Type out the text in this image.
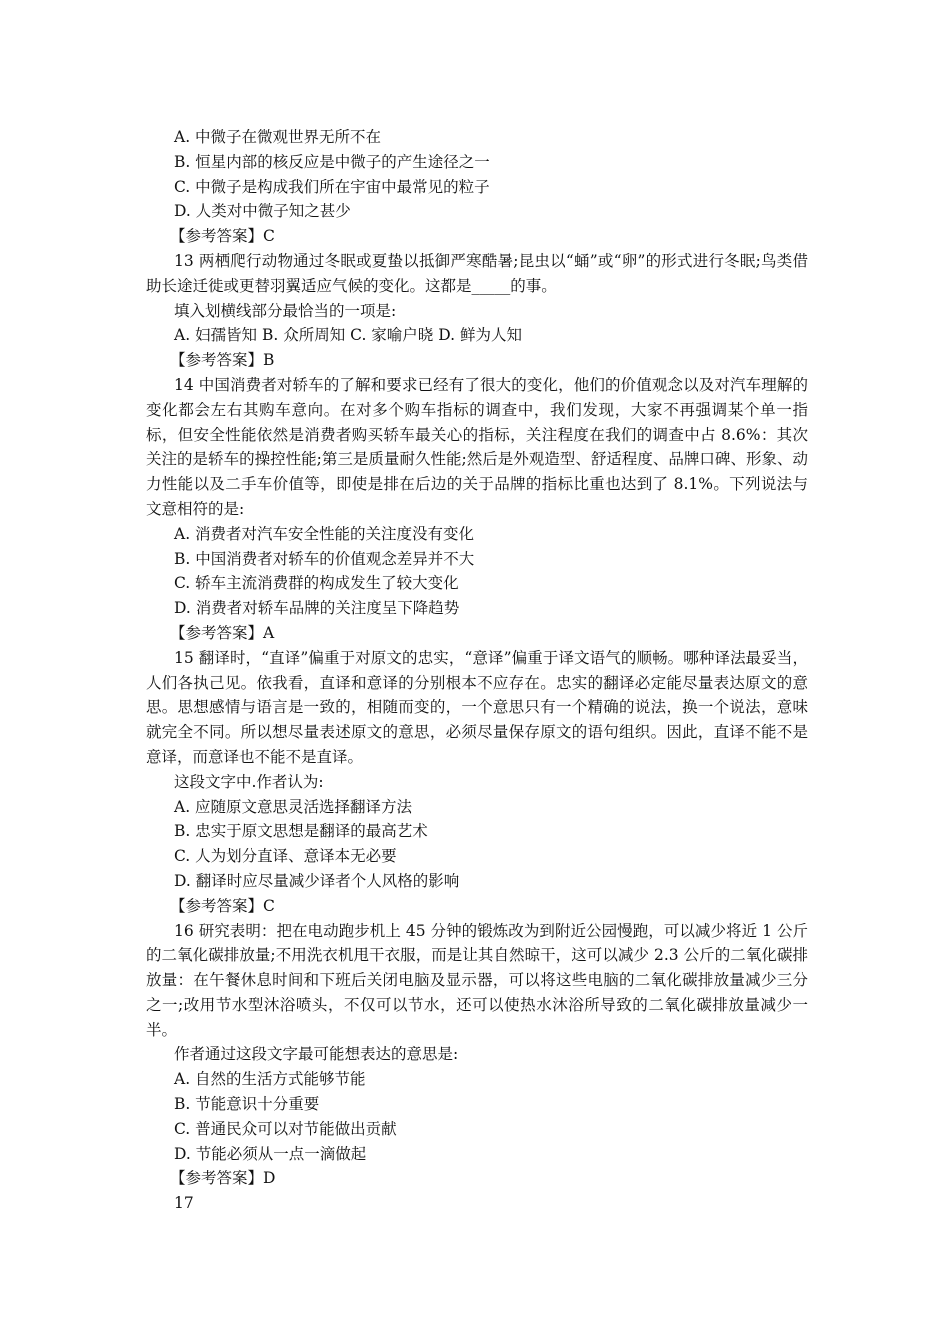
A. 中微子在微观世界无所不在
B. 恒星内部的核反应是中微子的产生途径之一
C. 中微子是构成我们所在宇宙中最常见的粒子
D. 人类对中微子知之甚少
【参考答案】C
13 两栖爬行动物通过冬眠或夏蛰以抵御严寒酷暑;昆虫以“蛹”或“卵”的形式进行冬眠;鸟类借助长途迁徙或更替羽翼适应气候的变化。这都是_____的事。
填入划横线部分最恰当的一项是:
A. 妇孺皆知 B. 众所周知 C. 家喻户晓 D. 鲜为人知
【参考答案】B
14 中国消费者对轿车的了解和要求已经有了很大的变化，他们的价值观念以及对汽车理解的变化都会左右其购车意向。在对多个购车指标的调查中，我们发现，大家不再强调某个单一指标，但安全性能依然是消费者购买轿车最关心的指标，关注程度在我们的调查中占 8.6%：其次关注的是轿车的操控性能;第三是质量耐久性能;然后是外观造型、舒适程度、品牌口碑、形象、动力性能以及二手车价值等，即使是排在后边的关于品牌的指标比重也达到了 8.1%。下列说法与文意相符的是:
A. 消费者对汽车安全性能的关注度没有变化
B. 中国消费者对轿车的价值观念差异并不大
C. 轿车主流消费群的构成发生了较大变化
D. 消费者对轿车品牌的关注度呈下降趋势
【参考答案】A
15 翻译时，“直译”偏重于对原文的忠实，“意译”偏重于译文语气的顺畅。哪种译法最妥当，人们各执己见。依我看，直译和意译的分别根本不应存在。忠实的翻译必定能尽量表达原文的意思。思想感情与语言是一致的，相随而变的，一个意思只有一个精确的说法，换一个说法，意味就完全不同。所以想尽量表述原文的意思，必须尽量保存原文的语句组织。因此，直译不能不是意译，而意译也不能不是直译。
这段文字中.作者认为:
A. 应随原文意思灵活选择翻译方法
B. 忠实于原文思想是翻译的最高艺术
C. 人为划分直译、意译本无必要
D. 翻译时应尽量减少译者个人风格的影响
【参考答案】C
16 研究表明：把在电动跑步机上 45 分钟的锻炼改为到附近公园慢跑，可以减少将近 1 公斤的二氧化碳排放量;不用洗衣机甩干衣服，而是让其自然晾干，这可以减少 2.3 公斤的二氧化碳排放量：在午餐休息时间和下班后关闭电脑及显示器，可以将这些电脑的二氧化碳排放量减少三分之一;改用节水型沐浴喷头，不仅可以节水，还可以使热水沐浴所导致的二氧化碳排放量减少一半。
作者通过这段文字最可能想表达的意思是:
A. 自然的生活方式能够节能
B. 节能意识十分重要
C. 普通民众可以对节能做出贡献
D. 节能必须从一点一滴做起
【参考答案】D
17
